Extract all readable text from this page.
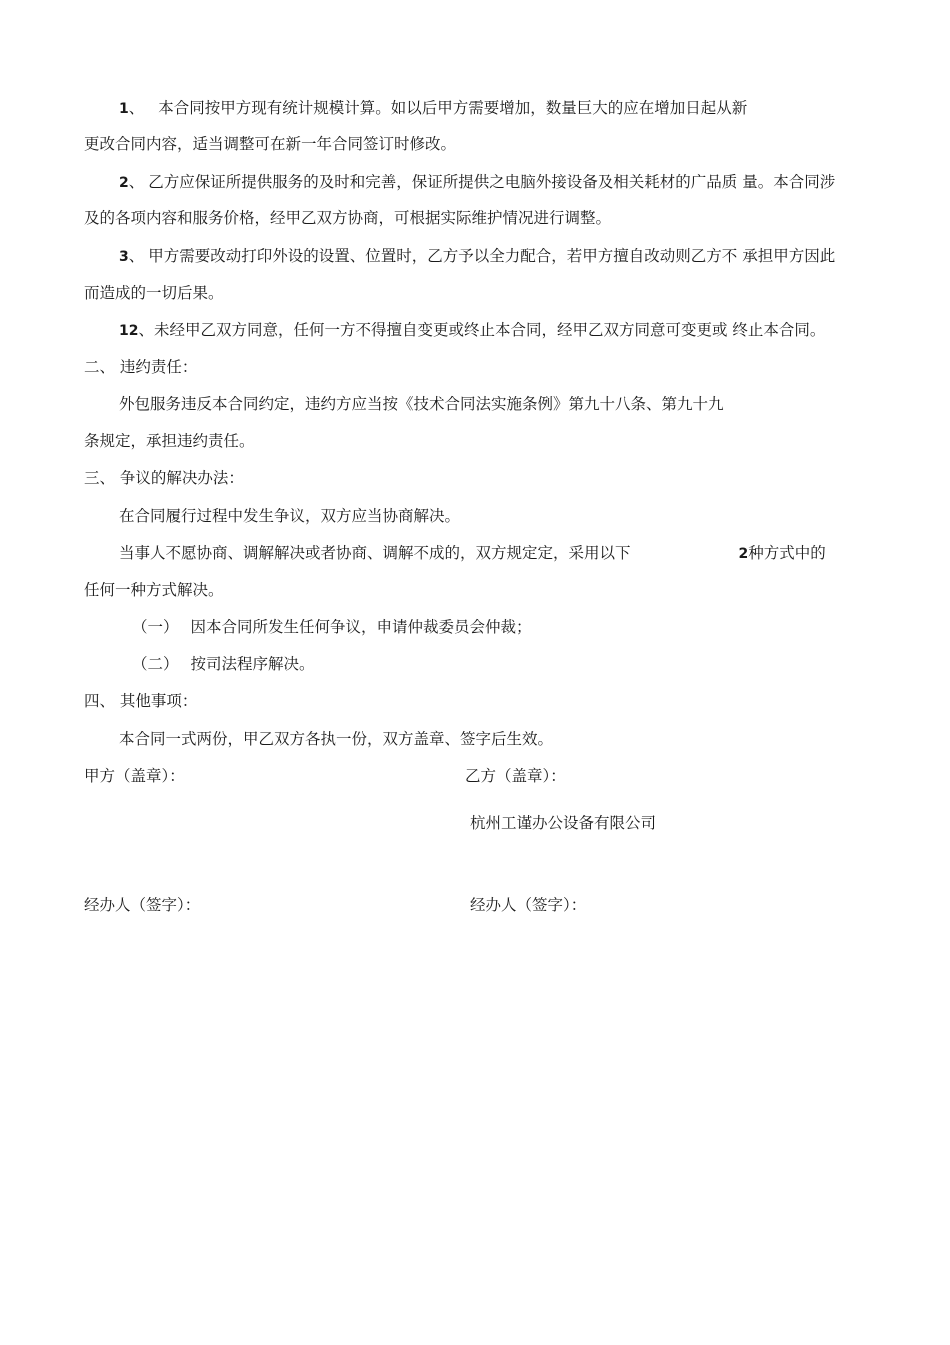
1、 本合同按甲方现有统计规模计算。如以后甲方需要增加，数量巨大的应在增加日起从新
更改合同内容，适当调整可在新一年合同签订时修改。
2、 乙方应保证所提供服务的及时和完善，保证所提供之电脑外接设备及相关耗材的广品质 量。本合同涉
及的各项内容和服务价格，经甲乙双方协商，可根据实际维护情况进行调整。
3、 甲方需要改动打印外设的设置、位置时，乙方予以全力配合，若甲方擅自改动则乙方不 承担甲方因此
而造成的一切后果。
12、未经甲乙双方同意，任何一方不得擅自变更或终止本合同，经甲乙双方同意可变更或 终止本合同。
二、 违约责任：
外包服务违反本合同约定，违约方应当按《技术合同法实施条例》第九十八条、第九十九
条规定，承担违约责任。
三、 争议的解决办法：
在合同履行过程中发生争议，双方应当协商解决。
当事人不愿协商、调解解决或者协商、调解不成的，双方规定定，采用以下	2种方式中的
任何一种方式解决。
（一） 因本合同所发生任何争议，申请仲裁委员会仲裁；
（二） 按司法程序解决。
四、 其他事项：
本合同一式两份，甲乙双方各执一份，双方盖章、签字后生效。
甲方（盖章）：	乙方（盖章）：
杭州工谨办公设备有限公司
经办人（签字）：	经办人（签字）：
